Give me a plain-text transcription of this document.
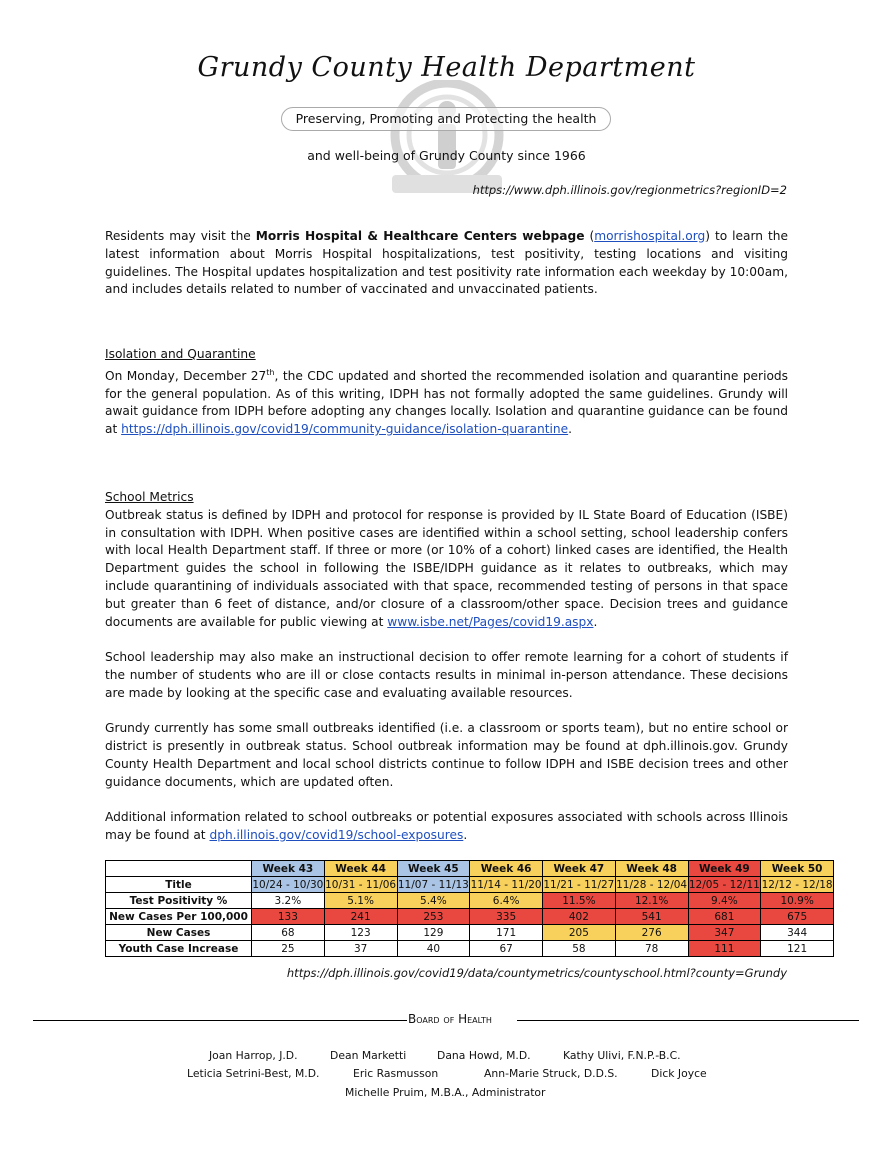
Grundy County Health Department
Preserving, Promoting and Protecting the health
and well-being of Grundy County since 1966
https://www.dph.illinois.gov/regionmetrics?regionID=2
Residents may visit the Morris Hospital & Healthcare Centers webpage (morrishospital.org) to learn the latest information about Morris Hospital hospitalizations, test positivity, testing locations and visiting guidelines. The Hospital updates hospitalization and test positivity rate information each weekday by 10:00am, and includes details related to number of vaccinated and unvaccinated patients.
Isolation and Quarantine
On Monday, December 27th, the CDC updated and shorted the recommended isolation and quarantine periods for the general population. As of this writing, IDPH has not formally adopted the same guidelines. Grundy will await guidance from IDPH before adopting any changes locally. Isolation and quarantine guidance can be found at https://dph.illinois.gov/covid19/community-guidance/isolation-quarantine.
School Metrics
Outbreak status is defined by IDPH and protocol for response is provided by IL State Board of Education (ISBE) in consultation with IDPH. When positive cases are identified within a school setting, school leadership confers with local Health Department staff. If three or more (or 10% of a cohort) linked cases are identified, the Health Department guides the school in following the ISBE/IDPH guidance as it relates to outbreaks, which may include quarantining of individuals associated with that space, recommended testing of persons in that space but greater than 6 feet of distance, and/or closure of a classroom/other space. Decision trees and guidance documents are available for public viewing at www.isbe.net/Pages/covid19.aspx.
School leadership may also make an instructional decision to offer remote learning for a cohort of students if the number of students who are ill or close contacts results in minimal in-person attendance. These decisions are made by looking at the specific case and evaluating available resources.
Grundy currently has some small outbreaks identified (i.e. a classroom or sports team), but no entire school or district is presently in outbreak status. School outbreak information may be found at dph.illinois.gov. Grundy County Health Department and local school districts continue to follow IDPH and ISBE decision trees and other guidance documents, which are updated often.
Additional information related to school outbreaks or potential exposures associated with schools across Illinois may be found at dph.illinois.gov/covid19/school-exposures.
	Week 43	Week 44	Week 45	Week 46	Week 47	Week 48	Week 49	Week 50
Title	10/24 - 10/30	10/31 - 11/06	11/07 - 11/13	11/14 - 11/20	11/21 - 11/27	11/28 - 12/04	12/05 - 12/11	12/12 - 12/18
Test Positivity %	3.2%	5.1%	5.4%	6.4%	11.5%	12.1%	9.4%	10.9%
New Cases Per 100,000	133	241	253	335	402	541	681	675
New Cases	68	123	129	171	205	276	347	344
Youth Case Increase	25	37	40	67	58	78	111	121
https://dph.illinois.gov/covid19/data/countymetrics/countyschool.html?county=Grundy
Board of Health
Joan Harrop, J.D.	Dean Marketti	Dana Howd, M.D.	Kathy Ulivi, F.N.P.-B.C.
Leticia Setrini-Best, M.D.	Eric Rasmusson	Ann-Marie Struck, D.D.S.	Dick Joyce
Michelle Pruim, M.B.A., Administrator
